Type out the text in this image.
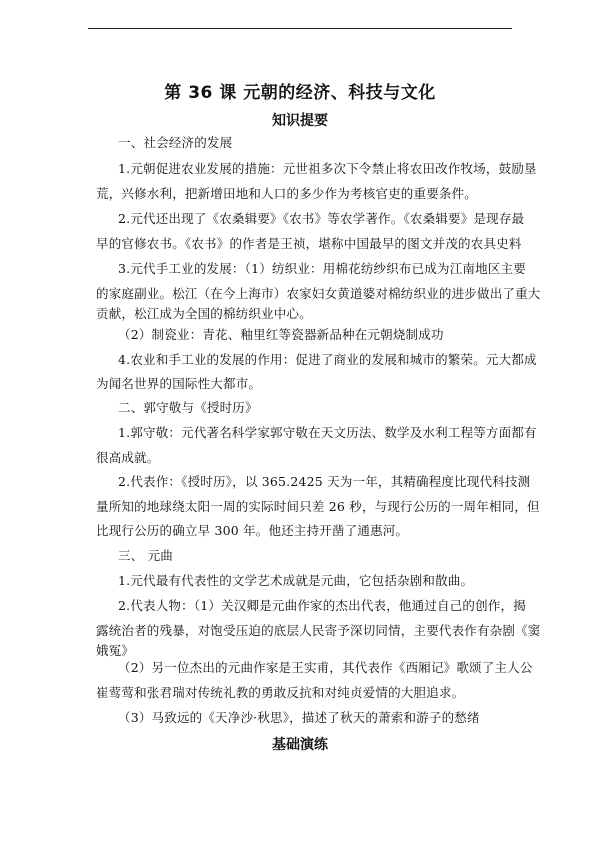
第 36 课 元朝的经济、科技与文化
知识提要
一、社会经济的发展
1.元朝促进农业发展的措施：元世祖多次下令禁止将农田改作牧场，鼓励垦
荒，兴修水利，把新增田地和人口的多少作为考核官吏的重要条件。
2.元代还出现了《农桑辑要》《农书》等农学著作。《农桑辑要》是现存最
早的官修农书。《农书》的作者是王祯，堪称中国最早的图文并茂的农具史料
3.元代手工业的发展：（1）纺织业：用棉花纺纱织布已成为江南地区主要
的家庭副业。松江（在今上海市）农家妇女黄道婆对棉纺织业的进步做出了重大
贡献，松江成为全国的棉纺织业中心。
（2）制瓷业：青花、釉里红等瓷器新品种在元朝烧制成功
4.农业和手工业的发展的作用：促进了商业的发展和城市的繁荣。元大都成
为闻名世界的国际性大都市。
二、郭守敬与《授时历》
1.郭守敬：元代著名科学家郭守敬在天文历法、数学及水利工程等方面都有
很高成就。
2.代表作：《授时历》，以 365.2425 天为一年，其精确程度比现代科技测
量所知的地球绕太阳一周的实际时间只差 26 秒，与现行公历的一周年相同，但
比现行公历的确立早 300 年。他还主持开凿了通惠河。
三、 元曲
1.元代最有代表性的文学艺术成就是元曲，它包括杂剧和散曲。
2.代表人物：（1）关汉卿是元曲作家的杰出代表，他通过自己的创作，揭
露统治者的残暴，对饱受压迫的底层人民寄予深切同情，主要代表作有杂剧《窦
娥冤》
（2）另一位杰出的元曲作家是王实甫，其代表作《西厢记》歌颂了主人公
崔莺莺和张君瑞对传统礼教的勇敢反抗和对纯贞爱情的大胆追求。
（3）马致远的《天净沙·秋思》，描述了秋天的萧索和游子的愁绪
基础演练
